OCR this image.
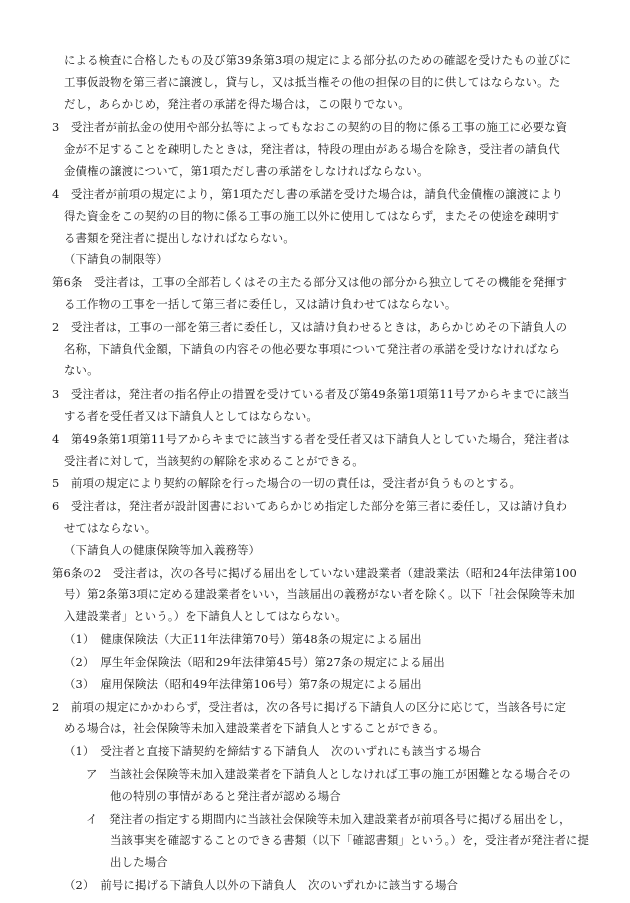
による検査に合格したもの及び第39条第3項の規定による部分払のための確認を受けたもの並びに
工事仮設物を第三者に譲渡し，貸与し，又は抵当権その他の担保の目的に供してはならない。た
だし，あらかじめ，発注者の承諾を得た場合は，この限りでない。
3　受注者が前払金の使用や部分払等によってもなおこの契約の目的物に係る工事の施工に必要な資
金が不足することを疎明したときは，発注者は，特段の理由がある場合を除き，受注者の請負代
金債権の譲渡について，第1項ただし書の承諾をしなければならない。
4　受注者が前項の規定により，第1項ただし書の承諾を受けた場合は，請負代金債権の譲渡により
得た資金をこの契約の目的物に係る工事の施工以外に使用してはならず，またその使途を疎明す
る書類を発注者に提出しなければならない。
（下請負の制限等）
第6条　受注者は，工事の全部若しくはその主たる部分又は他の部分から独立してその機能を発揮す
る工作物の工事を一括して第三者に委任し，又は請け負わせてはならない。
2　受注者は，工事の一部を第三者に委任し，又は請け負わせるときは，あらかじめその下請負人の
名称，下請負代金額，下請負の内容その他必要な事項について発注者の承諾を受けなければなら
ない。
3　受注者は，発注者の指名停止の措置を受けている者及び第49条第1項第11号アからキまでに該当
する者を受任者又は下請負人としてはならない。
4　第49条第1項第11号アからキまでに該当する者を受任者又は下請負人としていた場合，発注者は
受注者に対して，当該契約の解除を求めることができる。
5　前項の規定により契約の解除を行った場合の一切の責任は，受注者が負うものとする。
6　受注者は，発注者が設計図書においてあらかじめ指定した部分を第三者に委任し，又は請け負わ
せてはならない。
（下請負人の健康保険等加入義務等）
第6条の2　受注者は，次の各号に掲げる届出をしていない建設業者（建設業法（昭和24年法律第100
号）第2条第3項に定める建設業者をいい，当該届出の義務がない者を除く。以下「社会保険等未加
入建設業者」という。）を下請負人としてはならない。
（1）　健康保険法（大正11年法律第70号）第48条の規定による届出
（2）　厚生年金保険法（昭和29年法律第45号）第27条の規定による届出
（3）　雇用保険法（昭和49年法律第106号）第7条の規定による届出
2　前項の規定にかかわらず，受注者は，次の各号に掲げる下請負人の区分に応じて，当該各号に定
める場合は，社会保険等未加入建設業者を下請負人とすることができる。
（1）　受注者と直接下請契約を締結する下請負人　次のいずれにも該当する場合
ア　当該社会保険等未加入建設業者を下請負人としなければ工事の施工が困難となる場合その
他の特別の事情があると発注者が認める場合
イ　発注者の指定する期間内に当該社会保険等未加入建設業者が前項各号に掲げる届出をし，
当該事実を確認することのできる書類（以下「確認書類」という。）を，受注者が発注者に提
出した場合
（2）　前号に掲げる下請負人以外の下請負人　次のいずれかに該当する場合
